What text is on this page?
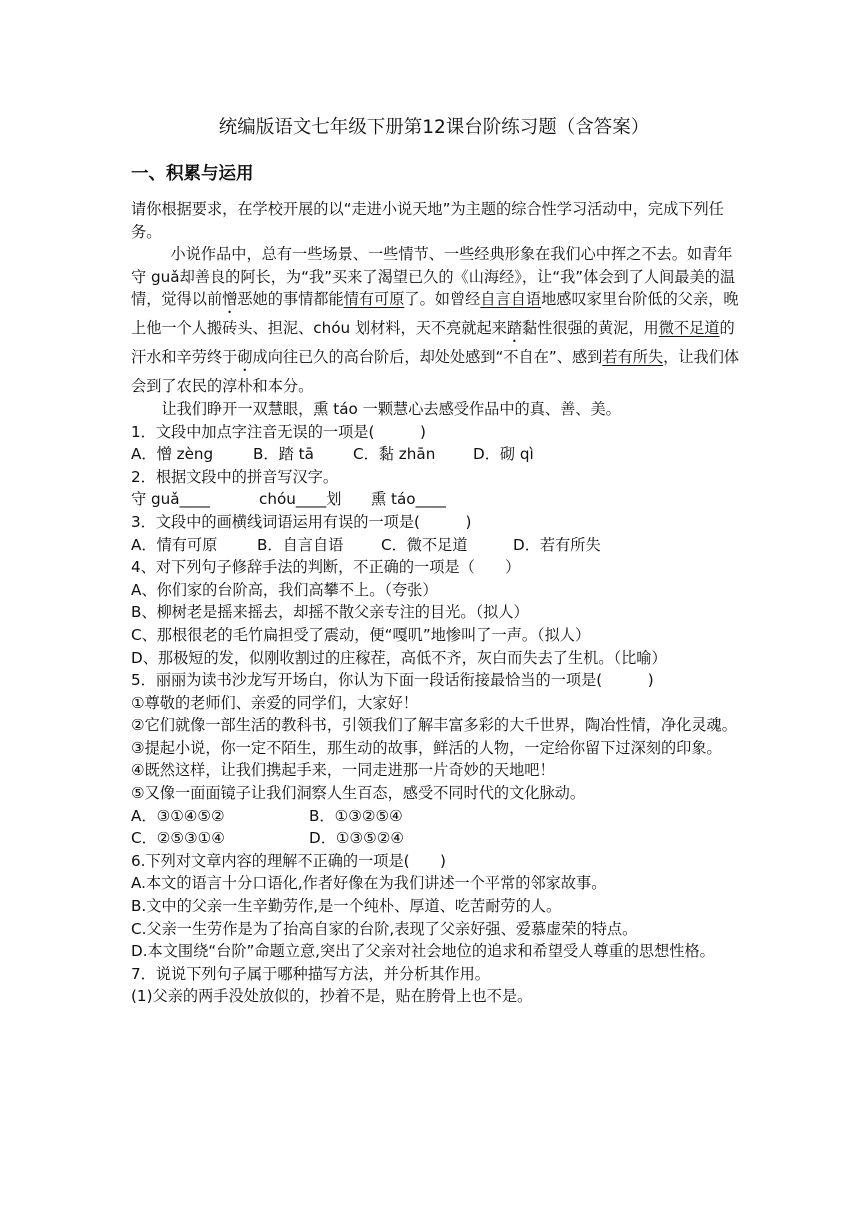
统编版语文七年级下册第12课台阶练习题（含答案）
一、积累与运用

请你根据要求，在学校开展的以“走进小说天地”为主题的综合性学习活动中，完成下列任务。

小说作品中，总有一些场景、一些情节、一些经典形象在我们心中挥之不去。如青年守 guǎ却善良的阿长，为“我”买来了渴望已久的《山海经》，让“我”体会到了人间最美的温情，觉得以前憎恶她的事情都能情有可原了。如曾经自言自语地感叹家里台阶低的父亲，晚上他一个人搬砖头、担泥、chóu 划材料，天不亮就起来踏黏性很强的黄泥，用微不足道的汗水和辛劳终于砌成向往已久的高台阶后，却处处感到“不自在”、感到若有所失，让我们体会到了农民的淳朴和本分。

让我们睁开一双慧眼，熏 táo 一颗慧心去感受作品中的真、善、美。

1．文段中加点字注音无误的一项是(　　　)

A．憎 zèng	B．踏 tā	C．黏 zhān D．砌 qì

2．根据文段中的拼音写汉字。

守 guǎ____	chóu____划 熏 táo____

3．文段中的画横线词语运用有误的一项是(　　　)

A．情有可原	B．自言自语 C．微不足道	D．若有所失

4、对下列句子修辞手法的判断，不正确的一项是（　　）

A、你们家的台阶高，我们高攀不上。（夸张）

B、柳树老是摇来摇去，却摇不散父亲专注的目光。（拟人）

C、那根很老的毛竹扁担受了震动，便“嘎叽”地惨叫了一声。（拟人）

D、那极短的发，似刚收割过的庄稼茬，高低不齐，灰白而失去了生机。（比喻）

5．丽丽为读书沙龙写开场白，你认为下面一段话衔接最恰当的一项是(　　　)

①尊敬的老师们、亲爱的同学们，大家好！

②它们就像一部生活的教科书，引领我们了解丰富多彩的大千世界，陶冶性情，净化灵魂。

③提起小说，你一定不陌生，那生动的故事，鲜活的人物，一定给你留下过深刻的印象。

④既然这样，让我们携起手来，一同走进那一片奇妙的天地吧！

⑤又像一面面镜子让我们洞察人生百态，感受不同时代的文化脉动。

A．③①④⑤②	B．①③②⑤④

C．②⑤③①④	D．①③⑤②④

6.下列对文章内容的理解不正确的一项是(　　)

A.本文的语言十分口语化,作者好像在为我们讲述一个平常的邻家故事。

B.文中的父亲一生辛勤劳作,是一个纯朴、厚道、吃苦耐劳的人。

C.父亲一生劳作是为了抬高自家的台阶,表现了父亲好强、爱慕虚荣的特点。

D.本文围绕“台阶”命题立意,突出了父亲对社会地位的追求和希望受人尊重的思想性格。

7．说说下列句子属于哪种描写方法，并分析其作用。

(1)父亲的两手没处放似的，抄着不是，贴在胯骨上也不是。
